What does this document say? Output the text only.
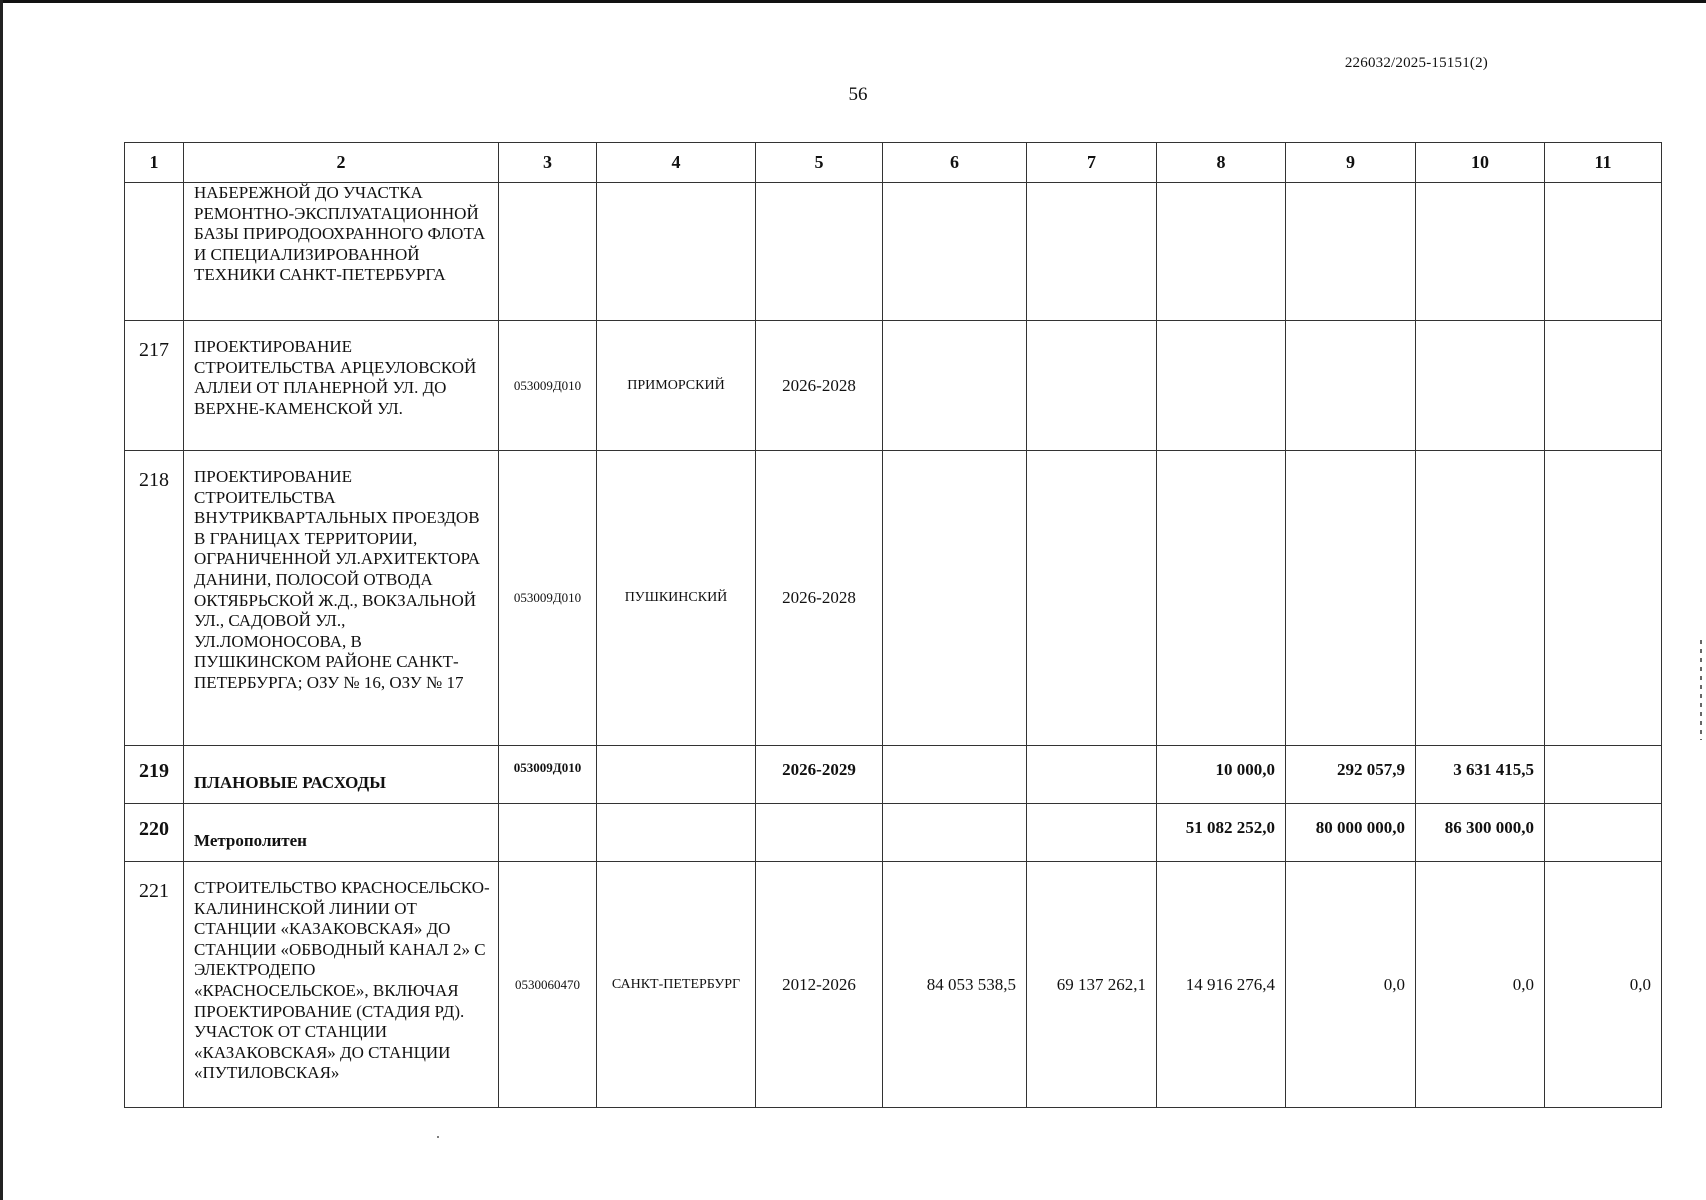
226032/2025-15151(2)
56
1	2	3	4	5	6	7	8	9	10	11
	НАБЕРЕЖНОЙ ДО УЧАСТКА РЕМОНТНО-ЭКСПЛУАТАЦИОННОЙ БАЗЫ ПРИРОДООХРАННОГО ФЛОТА И СПЕЦИАЛИЗИРОВАННОЙ ТЕХНИКИ САНКТ-ПЕТЕРБУРГА									
217	ПРОЕКТИРОВАНИЕ СТРОИТЕЛЬСТВА АРЦЕУЛОВСКОЙ АЛЛЕИ ОТ ПЛАНЕРНОЙ УЛ. ДО ВЕРХНЕ-КАМЕНСКОЙ УЛ.	053009Д010	ПРИМОРСКИЙ	2026-2028						
218	ПРОЕКТИРОВАНИЕ СТРОИТЕЛЬСТВА ВНУТРИКВАРТАЛЬНЫХ ПРОЕЗДОВ В ГРАНИЦАХ ТЕРРИТОРИИ, ОГРАНИЧЕННОЙ УЛ.АРХИТЕКТОРА ДАНИНИ, ПОЛОСОЙ ОТВОДА ОКТЯБРЬСКОЙ Ж.Д., ВОКЗАЛЬНОЙ УЛ., САДОВОЙ УЛ., УЛ.ЛОМОНОСОВА, В ПУШКИНСКОМ РАЙОНЕ САНКТ-ПЕТЕРБУРГА; ОЗУ № 16, ОЗУ № 17	053009Д010	ПУШКИНСКИЙ	2026-2028						
219	ПЛАНОВЫЕ РАСХОДЫ	053009Д010		2026-2029			10 000,0	292 057,9	3 631 415,5	
220	Метрополитен						51 082 252,0	80 000 000,0	86 300 000,0	
221	СТРОИТЕЛЬСТВО КРАСНОСЕЛЬСКО-КАЛИНИНСКОЙ ЛИНИИ ОТ СТАНЦИИ «КАЗАКОВСКАЯ» ДО СТАНЦИИ «ОБВОДНЫЙ КАНАЛ 2» С ЭЛЕКТРОДЕПО «КРАСНОСЕЛЬСКОЕ», ВКЛЮЧАЯ ПРОЕКТИРОВАНИЕ (СТАДИЯ РД). УЧАСТОК ОТ СТАНЦИИ «КАЗАКОВСКАЯ» ДО СТАНЦИИ «ПУТИЛОВСКАЯ»	0530060470	САНКТ-ПЕТЕРБУРГ	2012-2026	84 053 538,5	69 137 262,1	14 916 276,4	0,0	0,0	0,0
